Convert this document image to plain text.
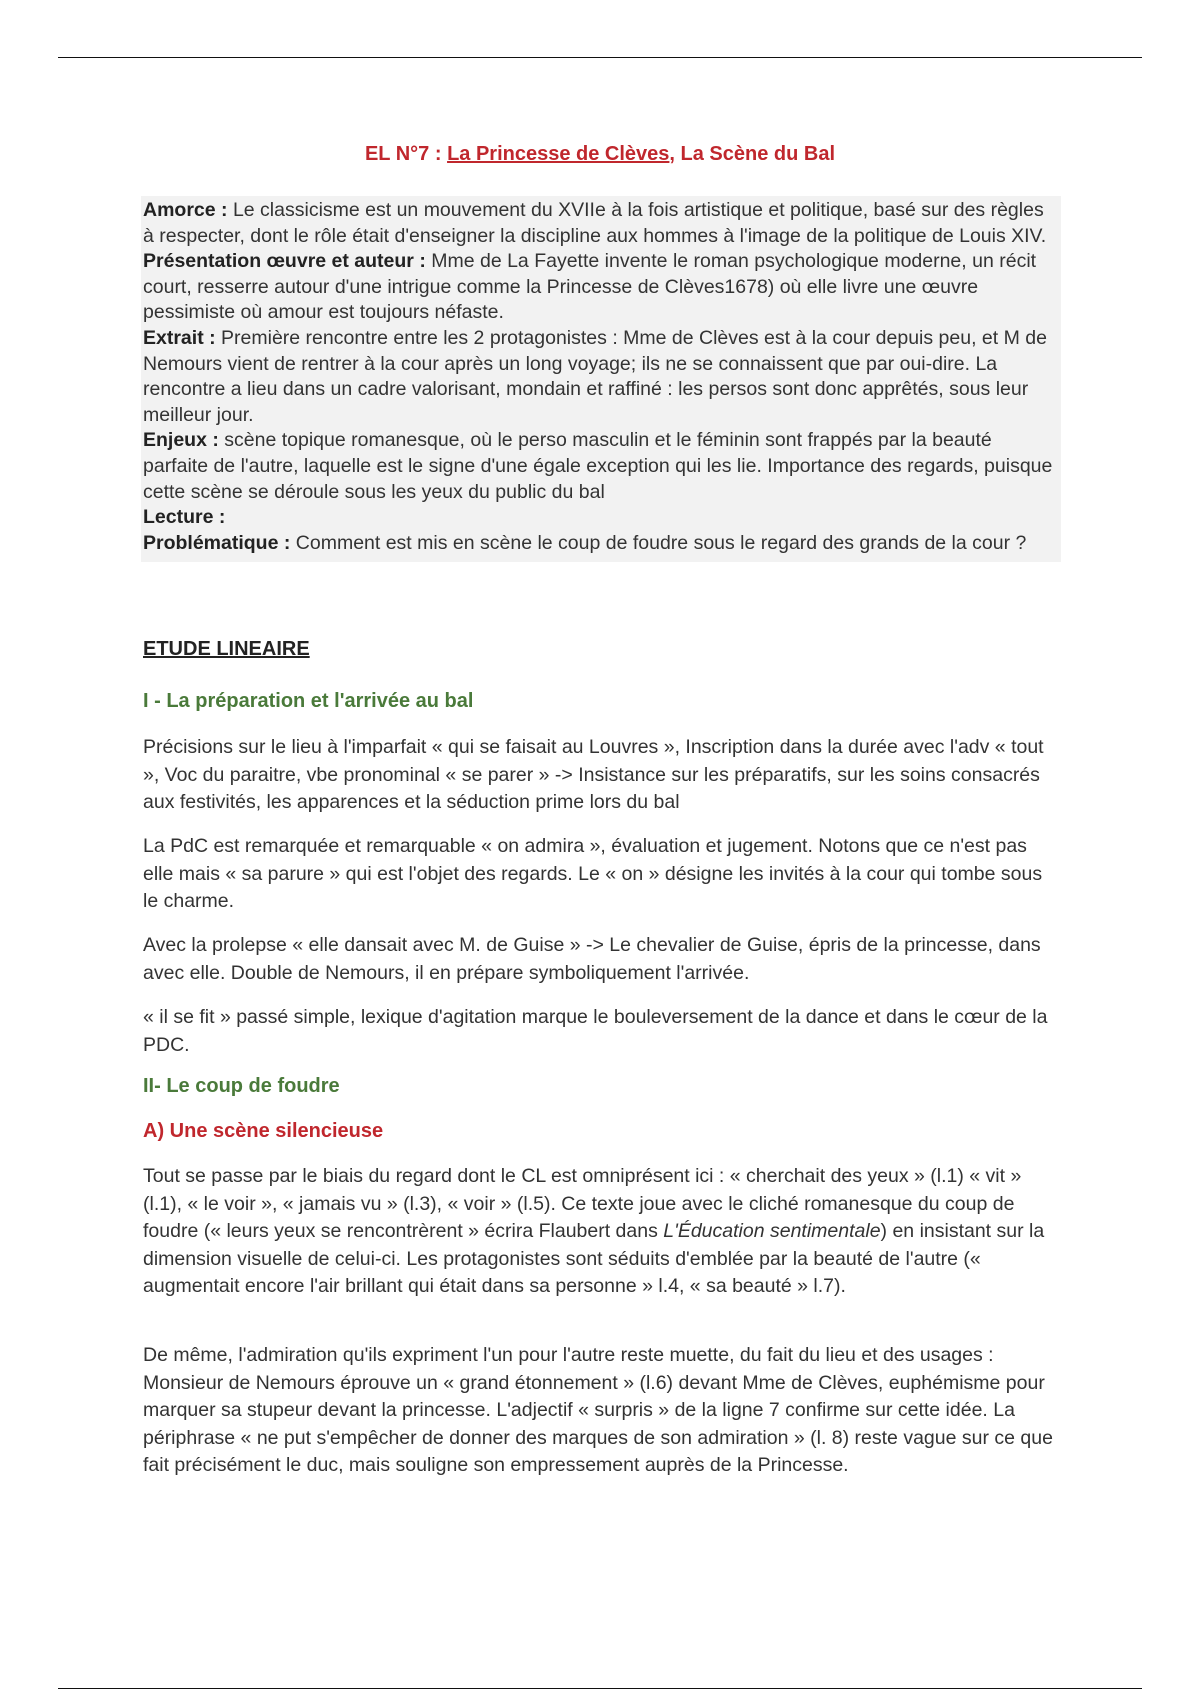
EL N°7 : La Princesse de Clèves, La Scène du Bal

Amorce : Le classicisme est un mouvement du XVIIe à la fois artistique et politique, basé sur des règles à respecter, dont le rôle était d'enseigner la discipline aux hommes à l'image de la politique de Louis XIV.

Présentation œuvre et auteur : Mme de La Fayette invente le roman psychologique moderne, un récit court, resserre autour d'une intrigue comme la Princesse de Clèves1678) où elle livre une œuvre pessimiste où amour est toujours néfaste.

Extrait : Première rencontre entre les 2 protagonistes : Mme de Clèves est à la cour depuis peu, et M de Nemours vient de rentrer à la cour après un long voyage; ils ne se connaissent que par oui-dire. La rencontre a lieu dans un cadre valorisant, mondain et raffiné : les persos sont donc apprêtés, sous leur meilleur jour.

Enjeux : scène topique romanesque, où le perso masculin et le féminin sont frappés par la beauté parfaite de l'autre, laquelle est le signe d'une égale exception qui les lie. Importance des regards, puisque cette scène se déroule sous les yeux du public du bal

Lecture :

Problématique : Comment est mis en scène le coup de foudre sous le regard des grands de la cour ?

ETUDE LINEAIRE
I - La préparation et l'arrivée au bal

Précisions sur le lieu à l'imparfait « qui se faisait au Louvres », Inscription dans la durée avec l'adv « tout », Voc du paraitre, vbe pronominal « se parer » -> Insistance sur les préparatifs, sur les soins consacrés aux festivités, les apparences et la séduction prime lors du bal

La PdC est remarquée et remarquable « on admira », évaluation et jugement. Notons que ce n'est pas elle mais « sa parure » qui est l'objet des regards. Le « on » désigne les invités à la cour qui tombe sous le charme.

Avec la prolepse « elle dansait avec M. de Guise » -> Le chevalier de Guise, épris de la princesse, dans avec elle. Double de Nemours, il en prépare symboliquement l'arrivée.

« il se fit » passé simple, lexique d'agitation marque le bouleversement de la dance et dans le cœur de la PDC.

II- Le coup de foudre
A) Une scène silencieuse

Tout se passe par le biais du regard dont le CL est omniprésent ici : « cherchait des yeux » (l.1) « vit » (l.1), « le voir », « jamais vu » (l.3), « voir » (l.5). Ce texte joue avec le cliché romanesque du coup de foudre (« leurs yeux se rencontrèrent » écrira Flaubert dans L'Éducation sentimentale) en insistant sur la dimension visuelle de celui-ci. Les protagonistes sont séduits d'emblée par la beauté de l'autre (« augmentait encore l'air brillant qui était dans sa personne » l.4, « sa beauté » l.7).

De même, l'admiration qu'ils expriment l'un pour l'autre reste muette, du fait du lieu et des usages : Monsieur de Nemours éprouve un « grand étonnement » (l.6) devant Mme de Clèves, euphémisme pour marquer sa stupeur devant la princesse. L'adjectif « surpris » de la ligne 7 confirme sur cette idée. La périphrase « ne put s'empêcher de donner des marques de son admiration » (l. 8) reste vague sur ce que fait précisément le duc, mais souligne son empressement auprès de la Princesse.
